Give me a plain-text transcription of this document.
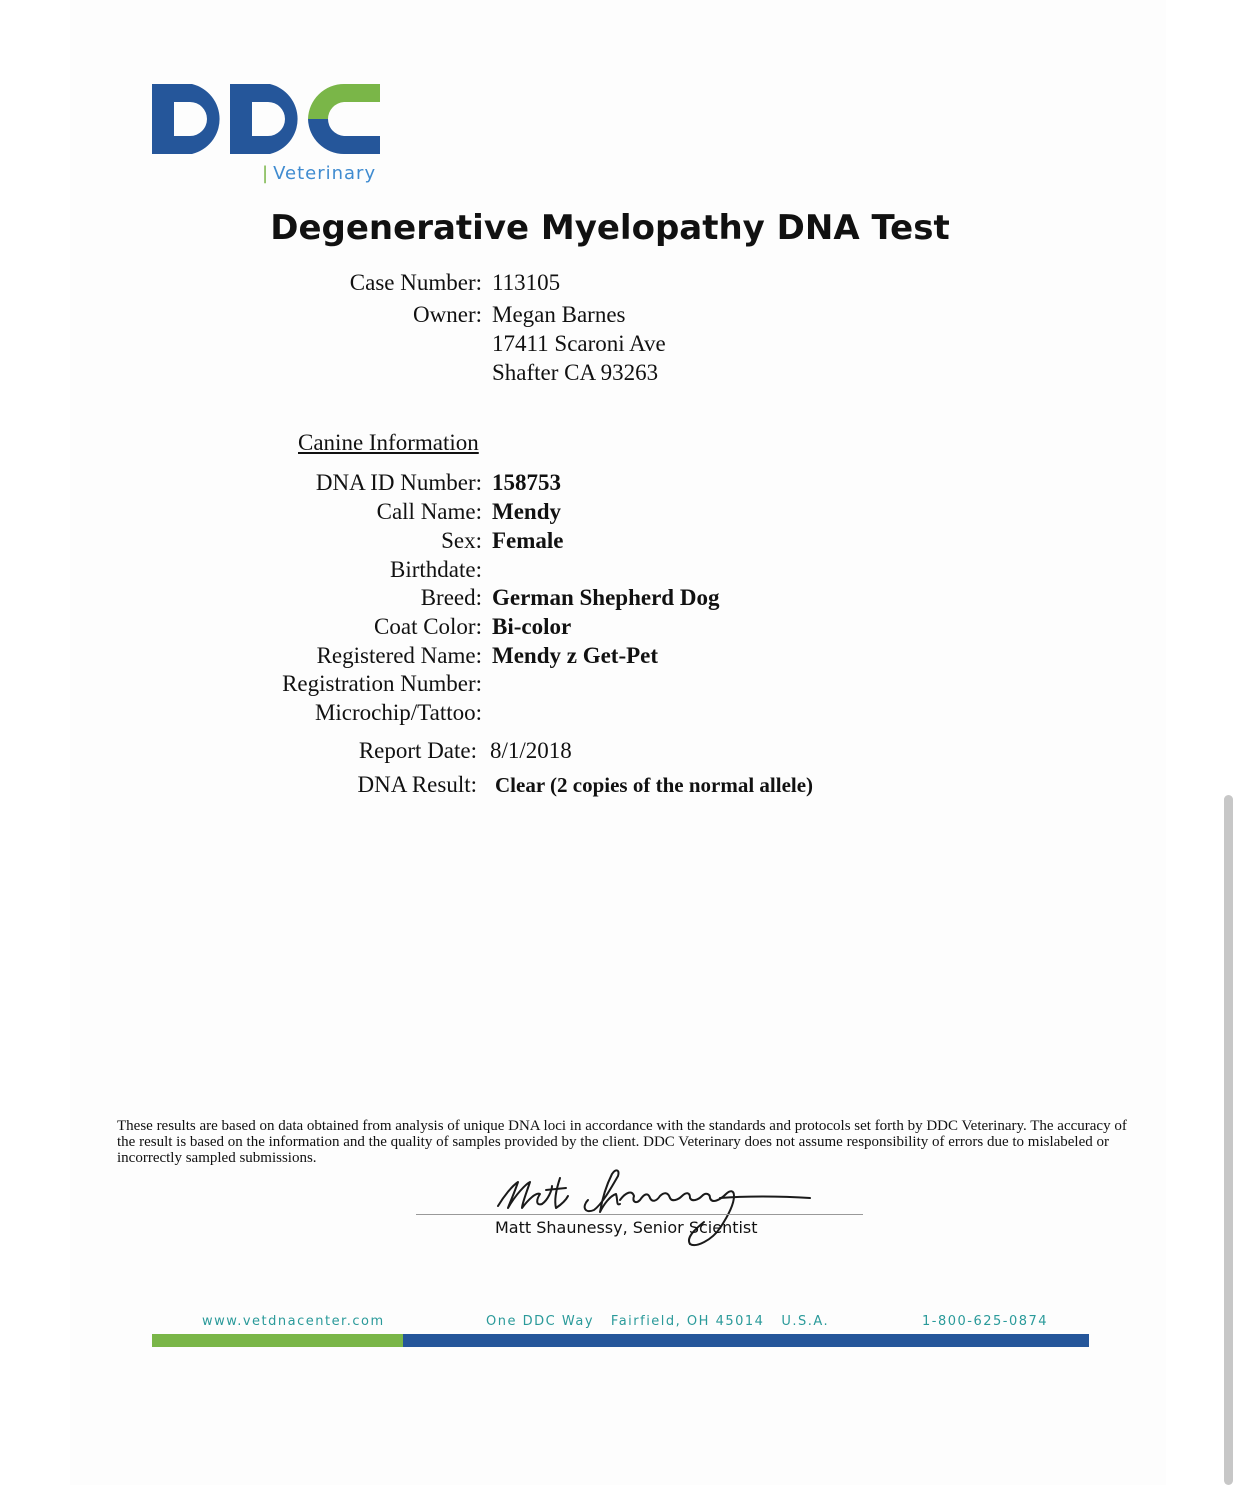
| Veterinary
Degenerative Myelopathy DNA Test
Case Number: 113105
Owner: Megan Barnes
17411 Scaroni Ave
Shafter CA 93263
Canine Information
DNA ID Number: 158753
Call Name: Mendy
Sex: Female
Birthdate:
Breed: German Shepherd Dog
Coat Color: Bi-color
Registered Name: Mendy z Get-Pet
Registration Number:
Microchip/Tattoo:
Report Date: 8/1/2018
DNA Result: Clear (2 copies of the normal allele)
These results are based on data obtained from analysis of unique DNA loci in accordance with the standards and protocols set forth by DDC Veterinary. The accuracy of the result is based on the information and the quality of samples provided by the client. DDC Veterinary does not assume responsibility of errors due to mislabeled or incorrectly sampled submissions.
Matt Shaunessy, Senior Scientist
www.vetdnacenter.com	One DDC Way   Fairfield, OH 45014   U.S.A.	1-800-625-0874
